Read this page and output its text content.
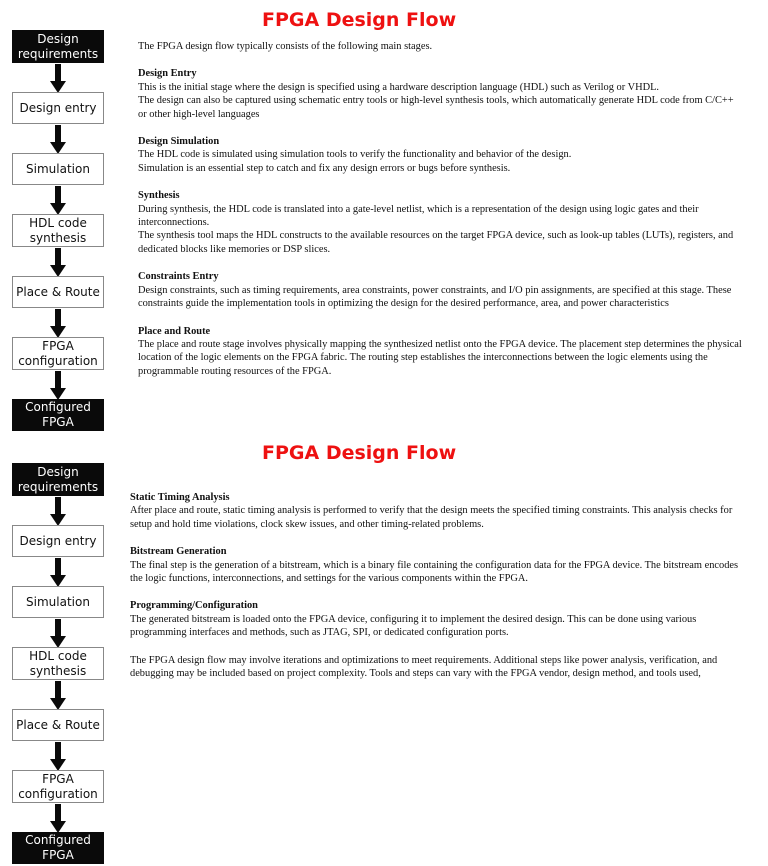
Design requirements
Design entry
Simulation
HDL code synthesis
Place & Route
FPGA configuration
Configured FPGA
FPGA Design Flow

The FPGA design flow typically consists of the following main stages.

Design Entry

This is the initial stage where the design is specified using a hardware description language (HDL) such as Verilog or VHDL.

The design can also be captured using schematic entry tools or high-level synthesis tools, which automatically generate HDL code from C/C++ or other high-level languages

Design Simulation

The HDL code is simulated using simulation tools to verify the functionality and behavior of the design.

Simulation is an essential step to catch and fix any design errors or bugs before synthesis.

Synthesis

During synthesis, the HDL code is translated into a gate-level netlist, which is a representation of the design using logic gates and their interconnections.

The synthesis tool maps the HDL constructs to the available resources on the target FPGA device, such as look-up tables (LUTs), registers, and dedicated blocks like memories or DSP slices.

Constraints Entry

Design constraints, such as timing requirements, area constraints, power constraints, and I/O pin assignments, are specified at this stage. These constraints guide the implementation tools in optimizing the design for the desired performance, area, and power characteristics

Place and Route

The place and route stage involves physically mapping the synthesized netlist onto the FPGA device. The placement step determines the physical location of the logic elements on the FPGA fabric. The routing step establishes the interconnections between the logic elements using the programmable routing resources of the FPGA.

Design requirements
Design entry
Simulation
HDL code synthesis
Place & Route
FPGA configuration
Configured FPGA
FPGA Design Flow

Static Timing Analysis

After place and route, static timing analysis is performed to verify that the design meets the specified timing constraints. This analysis checks for setup and hold time violations, clock skew issues, and other timing-related problems.

Bitstream Generation

The final step is the generation of a bitstream, which is a binary file containing the configuration data for the FPGA device. The bitstream encodes the logic functions, interconnections, and settings for the various components within the FPGA.

Programming/Configuration

The generated bitstream is loaded onto the FPGA device, configuring it to implement the desired design. This can be done using various programming interfaces and methods, such as JTAG, SPI, or dedicated configuration ports.

The FPGA design flow may involve iterations and optimizations to meet requirements. Additional steps like power analysis, verification, and debugging may be included based on project complexity. Tools and steps can vary with the FPGA vendor, design method, and tools used,
